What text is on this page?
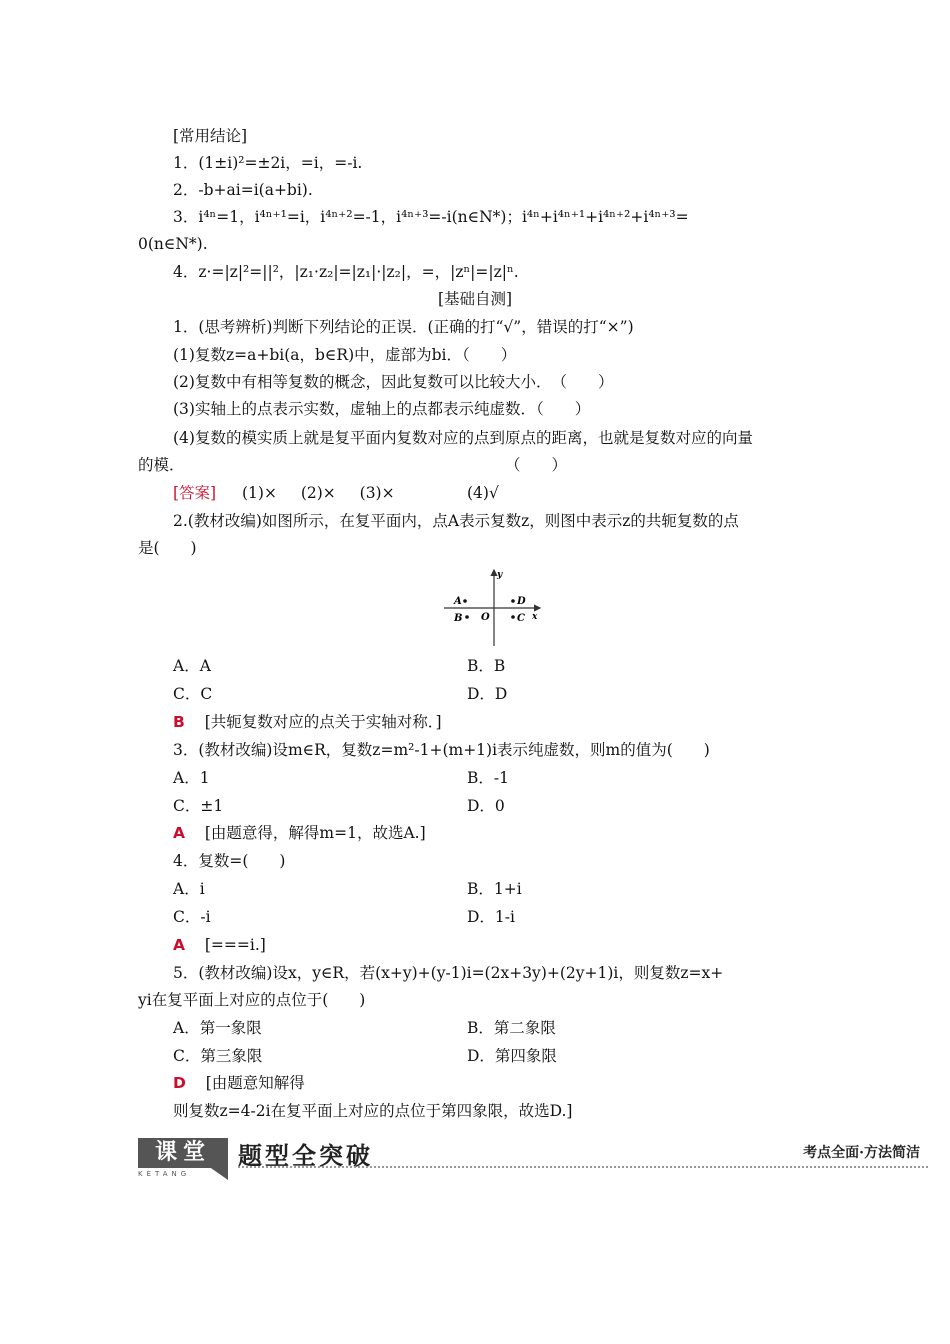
[常用结论]
1．(1±i)²=±2i，=i，=-i.
2．-b+ai=i(a+bi).
3．i⁴ⁿ=1，i⁴ⁿ⁺¹=i，i⁴ⁿ⁺²=-1，i⁴ⁿ⁺³=-i(n∈N*)；i⁴ⁿ+i⁴ⁿ⁺¹+i⁴ⁿ⁺²+i⁴ⁿ⁺³=
0(n∈N*).
4．z·=|z|²=||²，|z₁·z₂|=|z₁|·|z₂|，=，|zⁿ|=|z|ⁿ.
[基础自测]
1．(思考辨析)判断下列结论的正误．(正确的打“√”，错误的打“×”)
(1)复数z=a+bi(a，b∈R)中，虚部为bi．（　　）
(2)复数中有相等复数的概念，因此复数可以比较大小．　（　　）
(3)实轴上的点表示实数，虚轴上的点都表示纯虚数．（　　）
(4)复数的模实质上就是复平面内复数对应的点到原点的距离，也就是复数对应的向量
的模．	（　　）
[答案] (1)× (2)× (3)×	(4)√
2.(教材改编)如图所示，在复平面内，点A表示复数z，则图中表示z的共轭复数的点
是(　　)
y
x
O
A
B
D
C
A．A	B．B
C．C	D．D
B [共轭复数对应的点关于实轴对称．]
3．(教材改编)设m∈R，复数z=m²-1+(m+1)i表示纯虚数，则m的值为(　　)
A．1	B．-1
C．±1	D．0
A [由题意得，解得m=1，故选A.]
4．复数=(　　)
A．i	B．1+i
C．-i	D．1-i
A [===i.]
5．(教材改编)设x，y∈R，若(x+y)+(y-1)i=(2x+3y)+(2y+1)i，则复数z=x+
yi在复平面上对应的点位于(　　)
A．第一象限	B．第二象限
C．第三象限	D．第四象限
D [由题意知解得
则复数z=4-2i在复平面上对应的点位于第四象限，故选D.]
课堂
KETANG
题型全突破	考点全面·方法简洁
